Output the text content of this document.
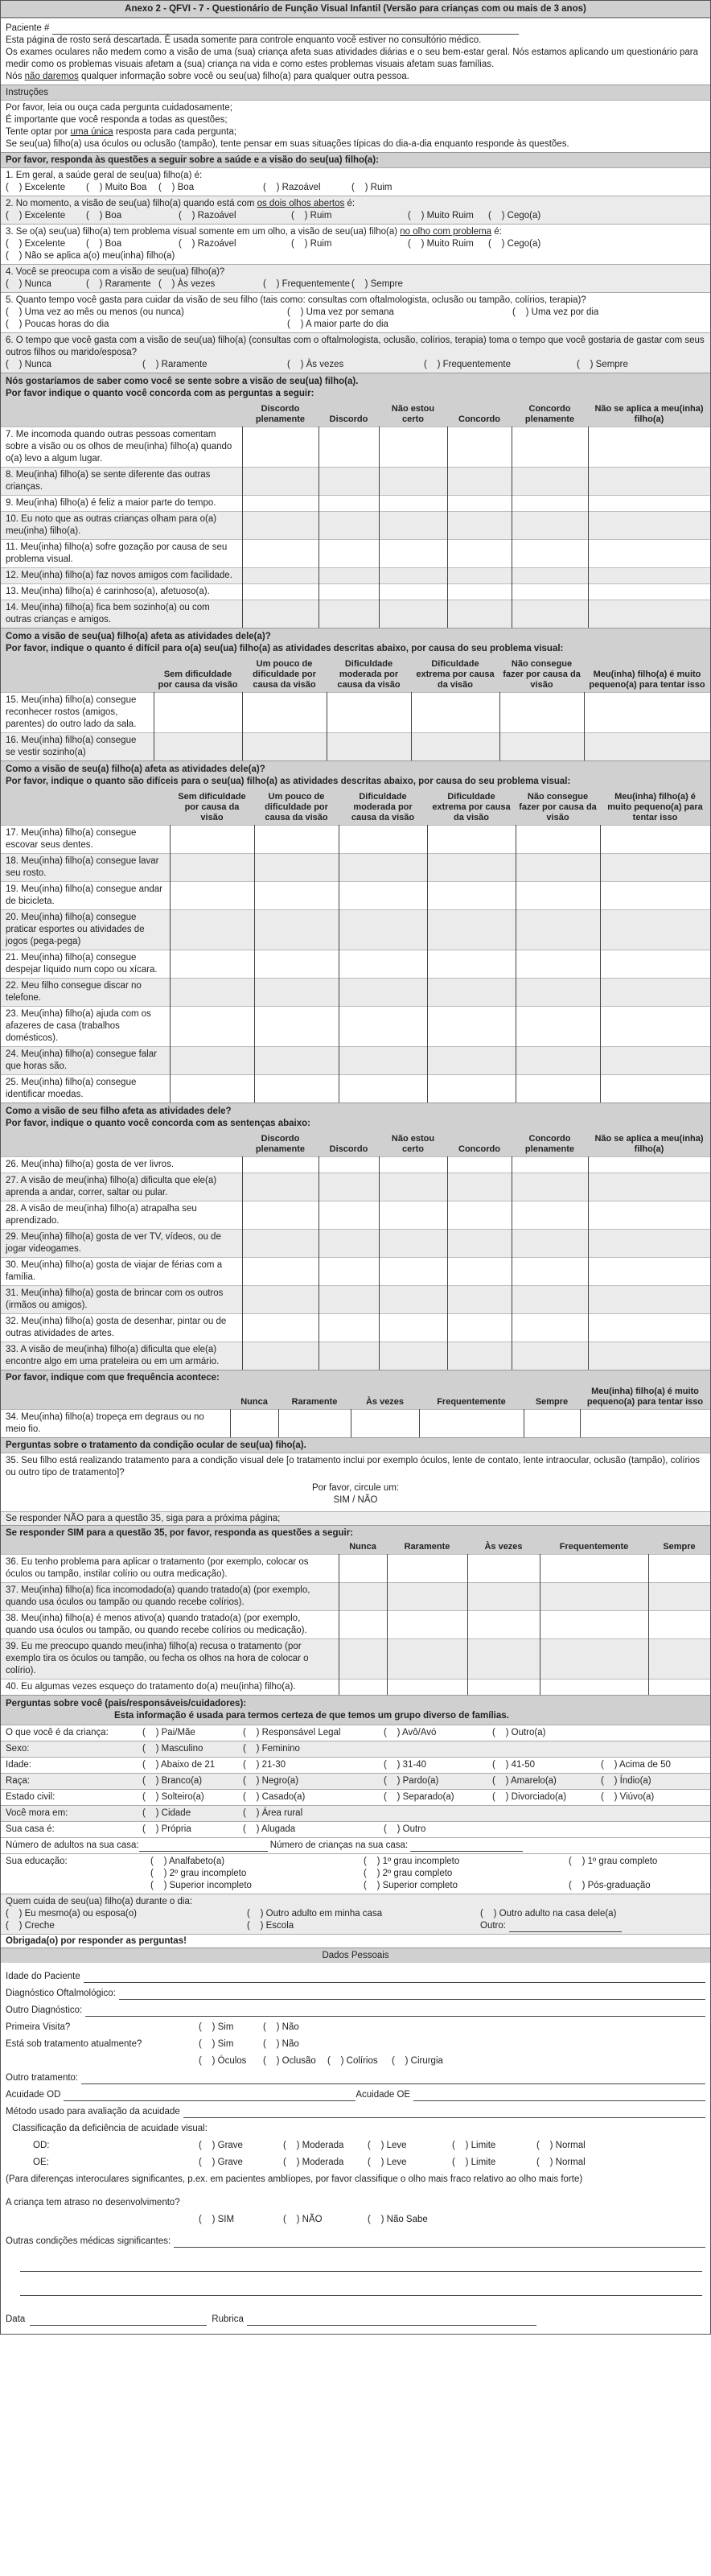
Anexo 2 - QFVI - 7 - Questionário de Função Visual Infantil (Versão para crianças com ou mais de 3 anos)
Paciente #
Esta página de rosto será descartada. É usada somente para controle enquanto você estiver no consultório médico.
Os exames oculares não medem como a visão de uma (sua) criança afeta suas atividades diárias e o seu bem-estar geral. Nós estamos aplicando um questionário para medir como os problemas visuais afetam a (sua) criança na vida e como estes problemas visuais afetam suas famílias.
Nós não daremos qualquer informação sobre você ou seu(ua) filho(a) para qualquer outra pessoa.
Instruções
Por favor, leia ou ouça cada pergunta cuidadosamente;
É importante que você responda a todas as questões;
Tente optar por uma única resposta para cada pergunta;
Se seu(ua) filho(a) usa óculos ou oclusão (tampão), tente pensar em suas situações típicas do dia-a-dia enquanto responde às questões.
Por favor, responda às questões a seguir sobre a saúde e a visão do seu(ua) filho(a):
1. Em geral, a saúde geral de seu(ua) filho(a) é:
( ) Excelente	( ) Muito Boa	( ) Boa	( ) Razoável	( ) Ruim
2. No momento, a visão de seu(ua) filho(a) quando está com os dois olhos abertos é:
( ) Excelente	( ) Boa	( ) Razoável	( ) Ruim	( ) Muito Ruim	( ) Cego(a)
3. Se o(a) seu(ua) filho(a) tem problema visual somente em um olho, a visão de seu(ua) filho(a) no olho com problema é:
( ) Excelente	( ) Boa	( ) Razoável	( ) Ruim	( ) Muito Ruim	( ) Cego(a)
( ) Não se aplica a(o) meu(inha) filho(a)
4. Você se preocupa com a visão de seu(ua) filho(a)?
( ) Nunca	( ) Raramente	( ) Às vezes	( ) Frequentemente	( ) Sempre
5. Quanto tempo você gasta para cuidar da visão de seu filho (tais como: consultas com oftalmologista, oclusão ou tampão, colírios, terapia)?
( ) Uma vez ao mês ou menos (ou nunca)	( ) Uma vez por semana	( ) Uma vez por dia
( ) Poucas horas do dia	( ) A maior parte do dia
6. O tempo que você gasta com a visão de seu(ua) filho(a) (consultas com o oftalmologista, oclusão, colírios, terapia) toma o tempo que você gostaria de gastar com seus outros filhos ou marido/esposa?
( ) Nunca	( ) Raramente	( ) Às vezes	( ) Frequentemente	( ) Sempre
Nós gostaríamos de saber como você se sente sobre a visão de seu(ua) filho(a).
Por favor indique o quanto você concorda com as perguntas a seguir:
	Discordo plenamente	Discordo	Não estou certo	Concordo	Concordo plenamente	Não se aplica a meu(inha) filho(a)
7. Me incomoda quando outras pessoas comentam sobre a visão ou os olhos de meu(inha) filho(a) quando o(a) levo a algum lugar.						
8. Meu(inha) filho(a) se sente diferente das outras crianças.						
9. Meu(inha) filho(a) é feliz a maior parte do tempo.						
10. Eu noto que as outras crianças olham para o(a) meu(inha) filho(a).						
11. Meu(inha) filho(a) sofre gozação por causa de seu problema visual.						
12. Meu(inha) filho(a) faz novos amigos com facilidade.						
13. Meu(inha) filho(a) é carinhoso(a), afetuoso(a).						
14. Meu(inha) filho(a) fica bem sozinho(a) ou com outras crianças e amigos.						
Como a visão de seu(ua) filho(a) afeta as atividades dele(a)?
Por favor, indique o quanto é difícil para o(a) seu(ua) filho(a) as atividades descritas abaixo, por causa do seu problema visual:
	Sem dificuldade por causa da visão	Um pouco de dificuldade por causa da visão	Dificuldade moderada por causa da visão	Dificuldade extrema por causa da visão	Não consegue fazer por causa da visão	Meu(inha) filho(a) é muito pequeno(a) para tentar isso
15. Meu(inha) filho(a) consegue reconhecer rostos (amigos, parentes) do outro lado da sala.						
16. Meu(inha) filho(a) consegue se vestir sozinho(a)						
Como a visão de seu(a) filho(a) afeta as atividades dele(a)?
Por favor, indique o quanto são difíceis para o seu(ua) filho(a) as atividades descritas abaixo, por causa do seu problema visual:
	Sem dificuldade por causa da visão	Um pouco de dificuldade por causa da visão	Dificuldade moderada por causa da visão	Dificuldade extrema por causa da visão	Não consegue fazer por causa da visão	Meu(inha) filho(a) é muito pequeno(a) para tentar isso
17. Meu(inha) filho(a) consegue escovar seus dentes.						
18. Meu(inha) filho(a) consegue lavar seu rosto.						
19. Meu(inha) filho(a) consegue andar de bicicleta.						
20. Meu(inha) filho(a) consegue praticar esportes ou atividades de jogos (pega-pega)						
21. Meu(inha) filho(a) consegue despejar líquido num copo ou xícara.						
22. Meu filho consegue discar no telefone.						
23. Meu(inha) filho(a) ajuda com os afazeres de casa (trabalhos domésticos).						
24. Meu(inha) filho(a) consegue falar que horas são.						
25. Meu(inha) filho(a) consegue identificar moedas.						
Como a visão de seu filho afeta as atividades dele?
Por favor, indique o quanto você concorda com as sentenças abaixo:
	Discordo plenamente	Discordo	Não estou certo	Concordo	Concordo plenamente	Não se aplica a meu(inha) filho(a)
26. Meu(inha) filho(a) gosta de ver livros.						
27. A visão de meu(inha) filho(a) dificulta que ele(a) aprenda a andar, correr, saltar ou pular.						
28. A visão de meu(inha) filho(a) atrapalha seu aprendizado.						
29. Meu(inha) filho(a) gosta de ver TV, vídeos, ou de jogar videogames.						
30. Meu(inha) filho(a) gosta de viajar de férias com a família.						
31. Meu(inha) filho(a) gosta de brincar com os outros (irmãos ou amigos).						
32. Meu(inha) filho(a) gosta de desenhar, pintar ou de outras atividades de artes.						
33. A visão de meu(inha) filho(a) dificulta que ele(a) encontre algo em uma prateleira ou em um armário.						
Por favor, indique com que frequência acontece:
	Nunca	Raramente	Às vezes	Frequentemente	Sempre	Meu(inha) filho(a) é muito pequeno(a) para tentar isso
34. Meu(inha) filho(a) tropeça em degraus ou no meio fio.						
Perguntas sobre o tratamento da condição ocular de seu(ua) fiho(a).
35. Seu filho está realizando tratamento para a condição visual dele [o tratamento inclui por exemplo óculos, lente de contato, lente intraocular, oclusão (tampão), colírios ou outro tipo de tratamento]?
Por favor, circule um:
SIM / NÃO
Se responder NÃO para a questão 35, siga para a próxima página;
Se responder SIM para a questão 35, por favor, responda as questões a seguir:
	Nunca	Raramente	Às vezes	Frequentemente	Sempre
36. Eu tenho problema para aplicar o tratamento (por exemplo, colocar os óculos ou tampão, instilar colírio ou outra medicação).					
37. Meu(inha) filho(a) fica incomodado(a) quando tratado(a) (por exemplo, quando usa óculos ou tampão ou quando recebe colírios).					
38. Meu(inha) filho(a) é menos ativo(a) quando tratado(a) (por exemplo, quando usa óculos ou tampão, ou quando recebe colírios ou medicação).					
39. Eu me preocupo quando meu(inha) filho(a) recusa o tratamento (por exemplo tira os óculos ou tampão, ou fecha os olhos na hora de colocar o colírio).					
40. Eu algumas vezes esqueço do tratamento do(a) meu(inha) filho(a).					
Perguntas sobre você (pais/responsáveis/cuidadores):
Esta informação é usada para termos certeza de que temos um grupo diverso de famílias.
O que você é da criança:	( ) Pai/Mãe	( ) Responsável Legal	( ) Avô/Avó	( ) Outro(a)
Sexo:	( ) Masculino	( ) Feminino
Idade:	( ) Abaixo de 21	( ) 21-30	( ) 31-40	( ) 41-50	( ) Acima de 50
Raça:	( ) Branco(a)	( ) Negro(a)	( ) Pardo(a)	( ) Amarelo(a)	( ) Índio(a)
Estado civil:	( ) Solteiro(a)	( ) Casado(a)	( ) Separado(a)	( ) Divorciado(a)	( ) Viúvo(a)
Você mora em:	( ) Cidade	( ) Área rural
Sua casa é:	( ) Própria	( ) Alugada	( ) Outro
Número de adultos na sua casa:	Número de crianças na sua casa:
Sua educação:	( ) Analfabeto(a)	( ) 1º grau incompleto	( ) 1º grau completo
( ) 2º grau incompleto	( ) 2º grau completo
( ) Superior incompleto	( ) Superior completo	( ) Pós-graduação
Quem cuida de seu(ua) filho(a) durante o dia:
( ) Eu mesmo(a) ou esposa(o)	( ) Outro adulto em minha casa	( ) Outro adulto na casa dele(a)
( ) Creche	( ) Escola	Outro:
Obrigada(o) por responder as perguntas!
Dados Pessoais
Idade do Paciente
Diagnóstico Oftalmológico:
Outro Diagnóstico:
Primeira Visita?	( ) Sim	( ) Não
Está sob tratamento atualmente?	( ) Sim	( ) Não
( ) Óculos	( ) Oclusão	( ) Colírios	( ) Cirurgia
Outro tratamento:
Acuidade OD	Acuidade OE
Método usado para avaliação da acuidade
Classificação da deficiência de acuidade visual:
OD:	( ) Grave	( ) Moderada	( ) Leve	( ) Limite	( ) Normal
OE:	( ) Grave	( ) Moderada	( ) Leve	( ) Limite	( ) Normal
(Para diferenças interoculares significantes, p.ex. em pacientes amblíopes, por favor classifique o olho mais fraco relativo ao olho mais forte)
A criança tem atraso no desenvolvimento?
( ) SIM	( ) NÃO	( ) Não Sabe
Outras condições médicas significantes:
Data	Rubrica
